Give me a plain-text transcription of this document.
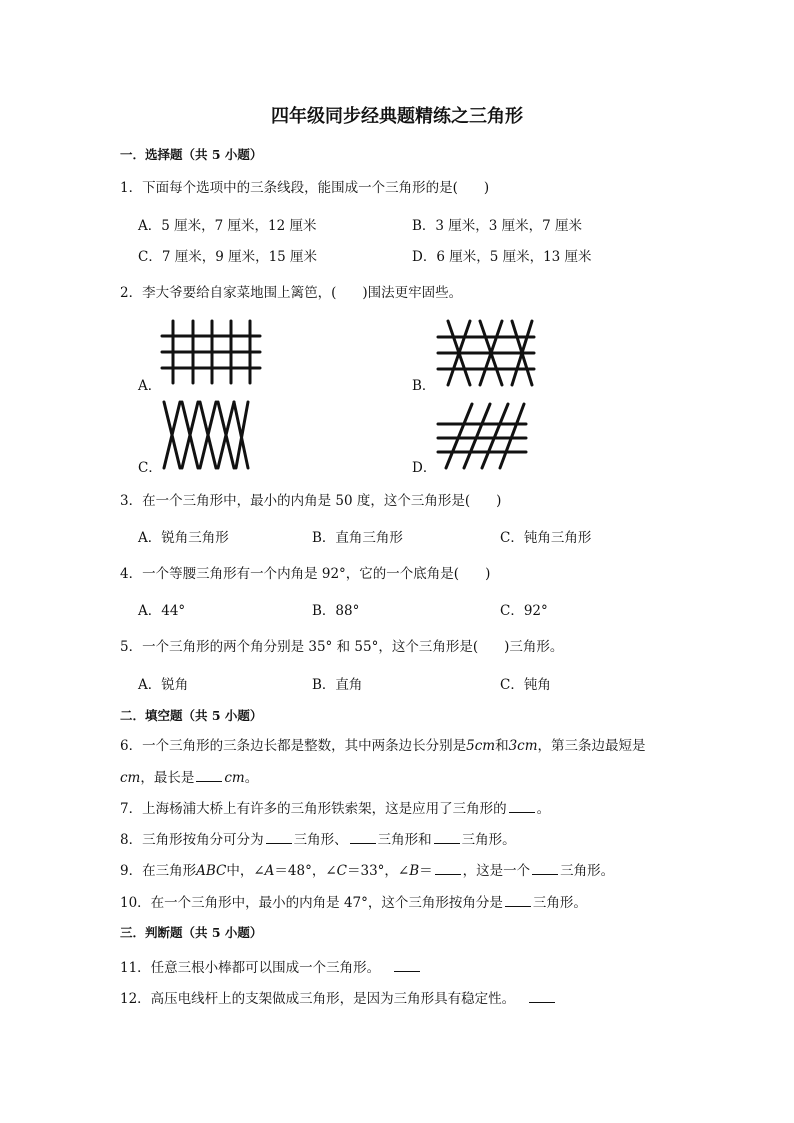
四年级同步经典题精练之三角形
一．选择题（共 5 小题）
1．下面每个选项中的三条线段，能围成一个三角形的是( )
A．5 厘米，7 厘米，12 厘米	B．3 厘米，3 厘米，7 厘米
C．7 厘米，9 厘米，15 厘米	D．6 厘米，5 厘米，13 厘米
2．李大爷要给自家菜地围上篱笆，( )围法更牢固些。
A．	B．
C．	D．
3．在一个三角形中，最小的内角是 50 度，这个三角形是( )
A．锐角三角形	B．直角三角形	C．钝角三角形
4．一个等腰三角形有一个内角是 92°，它的一个底角是( )
A．44°	B．88°	C．92°
5．一个三角形的两个角分别是 35° 和 55°，这个三角形是( )三角形。
A．锐角	B．直角	C．钝角
二．填空题（共 5 小题）
6．一个三角形的三条边长都是整数，其中两条边长分别是5cm和3cm，第三条边最短是
cm，最长是 cm。
7．上海杨浦大桥上有许多的三角形铁索架，这是应用了三角形的 。
8．三角形按角分可分为 三角形、 三角形和 三角形。
9．在三角形ABC中，∠A＝48°，∠C＝33°，∠B＝ ，这是一个 三角形。
10．在一个三角形中，最小的内角是 47°，这个三角形按角分是 三角形。
三．判断题（共 5 小题）
11．任意三根小棒都可以围成一个三角形。
12．高压电线杆上的支架做成三角形，是因为三角形具有稳定性。
